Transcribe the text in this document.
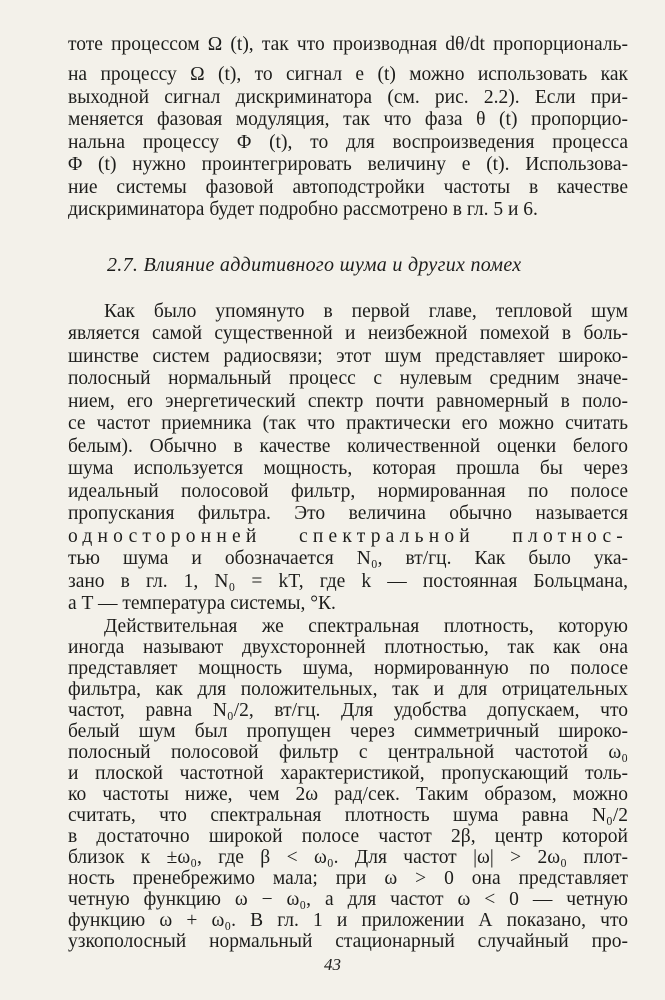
тоте процессом Ω (t), так что производная dθ/dt пропорциональ-
на процессу Ω (t), то сигнал e (t) можно использовать как
выходной сигнал дискриминатора (см. рис. 2.2). Если при-
меняется фазовая модуляция, так что фаза θ (t) пропорцио-
нальна процессу Φ (t), то для воспроизведения процесса
Φ (t) нужно проинтегрировать величину e (t). Использова-
ние системы фазовой автоподстройки частоты в качестве
дискриминатора будет подробно рассмотрено в гл. 5 и 6.
2.7. Влияние аддитивного шума и других помех
Как было упомянуто в первой главе, тепловой шум
является самой существенной и неизбежной помехой в боль-
шинстве систем радиосвязи; этот шум представляет широко-
полосный нормальный процесс с нулевым средним значе-
нием, его энергетический спектр почти равномерный в поло-
се частот приемника (так что практически его можно считать
белым). Обычно в качестве количественной оценки белого
шума используется мощность, которая прошла бы через
идеальный полосовой фильтр, нормированная по полосе
пропускания фильтра. Это величина обычно называется
односторонней спектральной плотнос-
тью шума и обозначается N₀, вт/гц. Как было ука-
зано в гл. 1, N₀ = kT, где k — постоянная Больцмана,
а T — температура системы, °К.
Действительная же спектральная плотность, которую
иногда называют двухсторонней плотностью, так как она
представляет мощность шума, нормированную по полосе
фильтра, как для положительных, так и для отрицательных
частот, равна N₀/2, вт/гц. Для удобства допускаем, что
белый шум был пропущен через симметричный широко-
полосный полосовой фильтр с центральной частотой ω₀
и плоской частотной характеристикой, пропускающий толь-
ко частоты ниже, чем 2ω рад/сек. Таким образом, можно
считать, что спектральная плотность шума равна N₀/2
в достаточно широкой полосе частот 2β, центр которой
близок к ±ω₀, где β < ω₀. Для частот |ω| > 2ω₀ плот-
ность пренебрежимо мала; при ω > 0 она представляет
четную функцию ω − ω₀, а для частот ω < 0 — четную
функцию ω + ω₀. В гл. 1 и приложении А показано, что
узкополосный нормальный стационарный случайный про-
43
